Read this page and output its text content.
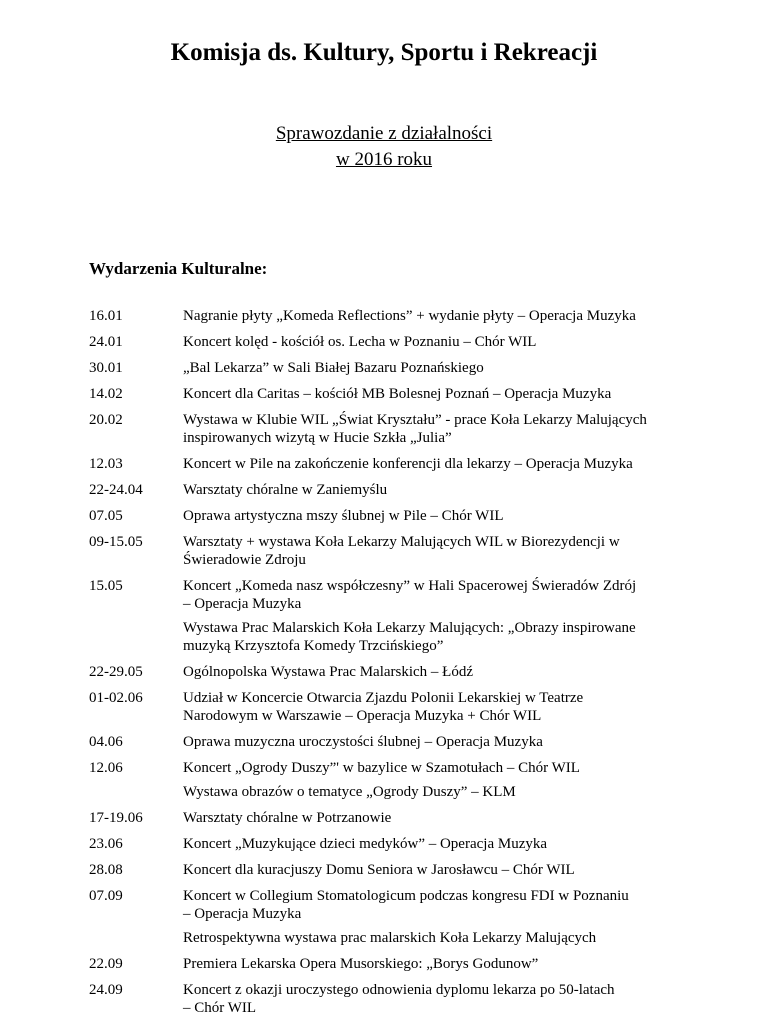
Komisja ds. Kultury, Sportu i Rekreacji
Sprawozdanie z działalności
w 2016 roku
Wydarzenia Kulturalne:
16.01	Nagranie płyty „Komeda Reflections” + wydanie płyty – Operacja Muzyka
24.01	Koncert kolęd - kościół os. Lecha w Poznaniu – Chór WIL
30.01	„Bal Lekarza” w Sali Białej Bazaru Poznańskiego
14.02	Koncert dla Caritas – kościół MB Bolesnej Poznań – Operacja Muzyka
20.02	Wystawa w Klubie WIL „Świat Kryształu” - prace Koła Lekarzy Malujących
inspirowanych wizytą w Hucie Szkła „Julia”
12.03	Koncert w Pile na zakończenie konferencji dla lekarzy – Operacja Muzyka
22-24.04	Warsztaty chóralne w Zaniemyślu
07.05	Oprawa artystyczna mszy ślubnej w Pile – Chór WIL
09-15.05	Warsztaty + wystawa Koła Lekarzy Malujących WIL w Biorezydencji w
Świeradowie Zdroju
15.05	Koncert „Komeda nasz współczesny” w Hali Spacerowej Świeradów Zdrój
– Operacja Muzyka
Wystawa Prac Malarskich Koła Lekarzy Malujących: „Obrazy inspirowane
muzyką Krzysztofa Komedy Trzcińskiego”
22-29.05	Ogólnopolska Wystawa Prac Malarskich – Łódź
01-02.06	Udział w Koncercie Otwarcia Zjazdu Polonii Lekarskiej w Teatrze
Narodowym w Warszawie – Operacja Muzyka + Chór WIL
04.06	Oprawa muzyczna uroczystości ślubnej – Operacja Muzyka
12.06	Koncert „Ogrody Duszy”' w bazylice w Szamotułach – Chór WIL
Wystawa obrazów o tematyce „Ogrody Duszy” – KLM
17-19.06	Warsztaty chóralne w Potrzanowie
23.06	Koncert „Muzykujące dzieci medyków” – Operacja Muzyka
28.08	Koncert dla kuracjuszy Domu Seniora w Jarosławcu – Chór WIL
07.09	Koncert w Collegium Stomatologicum podczas kongresu FDI w Poznaniu
– Operacja Muzyka
Retrospektywna wystawa prac malarskich Koła Lekarzy Malujących
22.09	Premiera Lekarska Opera Musorskiego: „Borys Godunow”
24.09	Koncert z okazji uroczystego odnowienia dyplomu lekarza po 50-latach
– Chór WIL
